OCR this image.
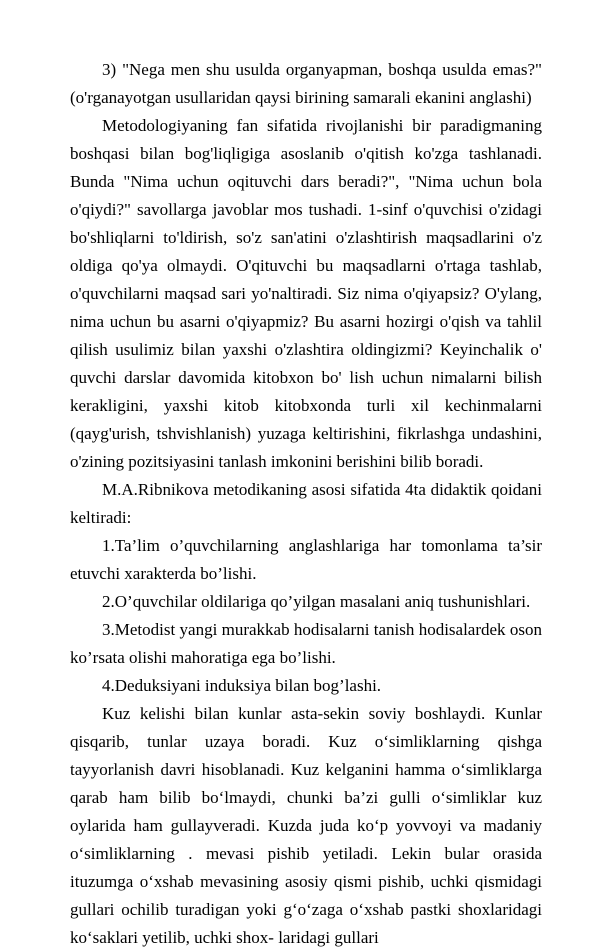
3) "Nega men shu usulda organyapman, boshqa usulda emas?" (o'rganayotgan usullaridan qaysi birining samarali ekanini anglashi)

Metodologiyaning fan sifatida rivojlanishi bir paradigmaning boshqasi bilan bog'liqligiga asoslanib o'qitish ko'zga tashlanadi. Bunda "Nima uchun oqituvchi dars beradi?", "Nima uchun bola o'qiydi?" savollarga javoblar mos tushadi. 1-sinf o'quvchisi o'zidagi bo'shliqlarni to'ldirish, so'z san'atini o'zlashtirish maqsadlarini o'z oldiga qo'ya olmaydi. O'qituvchi bu maqsadlarni o'rtaga tashlab, o'quvchilarni maqsad sari yo'naltiradi. Siz nima o'qiyapsiz? O'ylang, nima uchun bu asarni o'qiyapmiz? Bu asarni hozirgi o'qish va tahlil qilish usulimiz bilan yaxshi o'zlashtira oldingizmi? Keyinchalik o' quvchi darslar davomida kitobxon bo' lish uchun nimalarni bilish kerakligini, yaxshi kitob kitobxonda turli xil kechinmalarni (qayg'urish, tshvishlanish) yuzaga keltirishini, fikrlashga undashini, o'zining pozitsiyasini tanlash imkonini berishini bilib boradi.

M.A.Ribnikova metodikaning asosi sifatida 4ta didaktik qoidani keltiradi:

1.Ta’lim o’quvchilarning anglashlariga har tomonlama ta’sir etuvchi xarakterda bo’lishi.

2.O’quvchilar oldilariga qo’yilgan masalani aniq tushunishlari.

3.Metodist yangi murakkab hodisalarni tanish hodisalardek oson ko’rsata olishi mahoratiga ega bo’lishi.

4.Deduksiyani induksiya bilan bog’lashi.

Kuz kelishi bilan kunlar asta-sekin soviy boshlaydi. Kunlar qisqarib, tunlar uzaya boradi. Kuz o‘simliklarning qishga tayyorlanish davri hisoblanadi. Kuz kelganini hamma o‘simliklarga qarab ham bilib bo‘lmaydi, chunki ba’zi gulli o‘simliklar kuz oylarida ham gullayveradi. Kuzda juda ko‘p yovvoyi va madaniy o‘simliklarning . mevasi pishib yetiladi. Lekin bular orasida ituzumga o‘xshab mevasining asosiy qismi pishib, uchki qismidagi gullari ochilib turadigan yoki g‘o‘zaga o‘xshab pastki shoxlaridagi ko‘saklari yetilib, uchki shox- laridagi gullari
